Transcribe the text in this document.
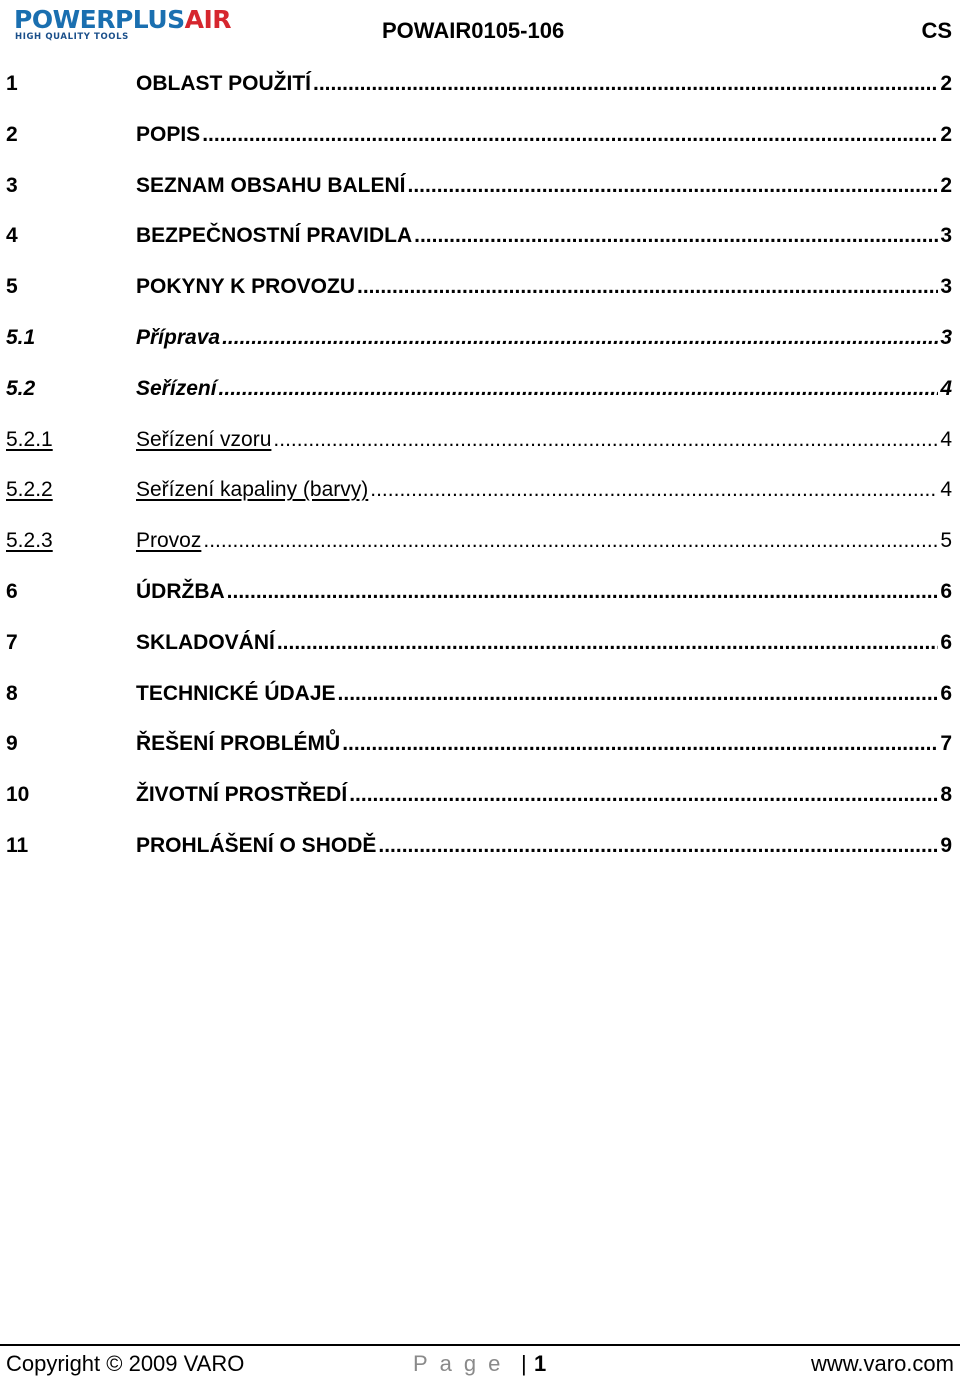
POWERPLUSAIR
HIGH QUALITY TOOLS	POWAIR0105-106	CS
1	OBLAST POUŽITÍ .....	2
2	POPIS .....	2
3	SEZNAM OBSAHU BALENÍ .....	2
4	BEZPEČNOSTNÍ PRAVIDLA .....	3
5	POKYNY K PROVOZU .....	3
5.1	Příprava .....	3
5.2	Seřízení .....	4
5.2.1	Seřízení vzoru .....	4
5.2.2	Seřízení kapaliny (barvy) .....	4
5.2.3	Provoz .....	5
6	ÚDRŽBA .....	6
7	SKLADOVÁNÍ .....	6
8	TECHNICKÉ ÚDAJE .....	6
9	ŘEŠENÍ PROBLÉMŮ .....	7
10	ŽIVOTNÍ PROSTŘEDÍ .....	8
11	PROHLÁŠENÍ O SHODĚ .....	9
Copyright © 2009 VARO	Page | 1	www.varo.com
